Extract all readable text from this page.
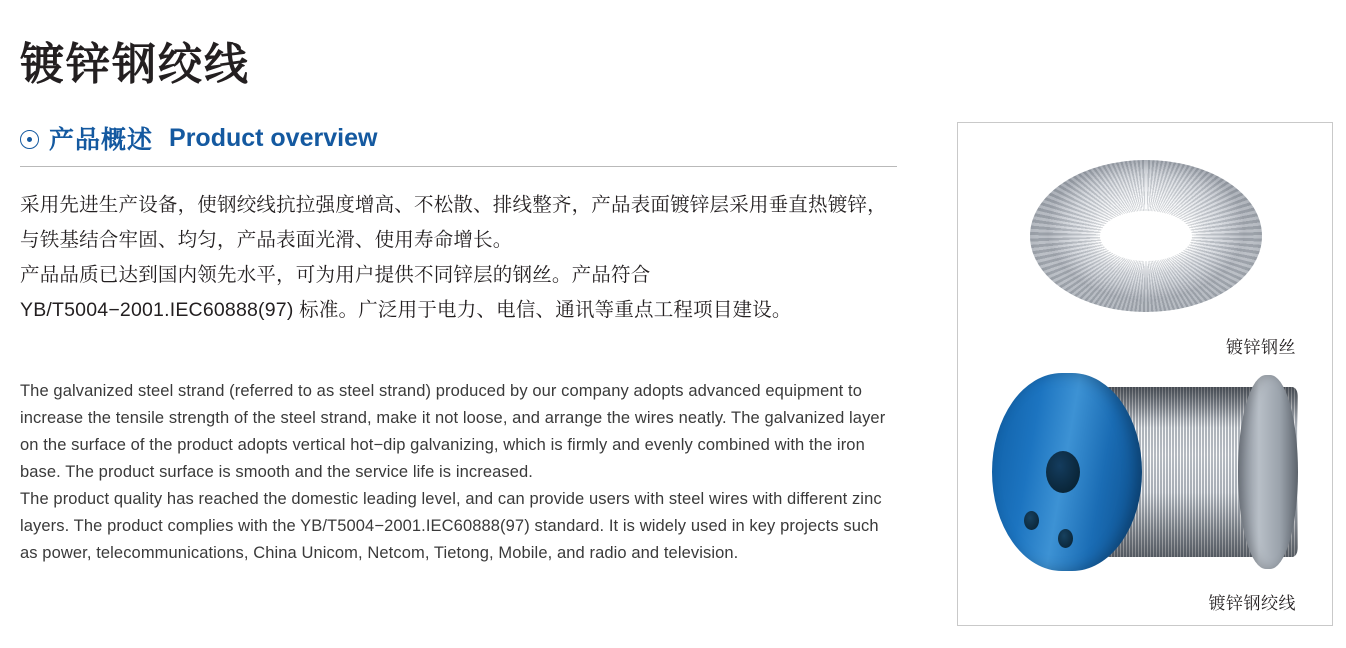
镀锌钢绞线
产品概述 Product overview

采用先进生产设备，使钢绞线抗拉强度增高、不松散、排线整齐，产品表面镀锌层采用垂直热镀锌，与铁基结合牢固、均匀，产品表面光滑、使用寿命增长。

产品品质已达到国内领先水平，可为用户提供不同锌层的钢丝。产品符合 YB/T5004−2001.IEC60888(97) 标准。广泛用于电力、电信、通讯等重点工程项目建设。

The galvanized steel strand (referred to as steel strand) produced by our company adopts advanced equipment to increase the tensile strength of the steel strand, make it not loose, and arrange the wires neatly. The galvanized layer on the surface of the product adopts vertical hot−dip galvanizing, which is firmly and evenly combined with the iron base. The product surface is smooth and the service life is increased.

The product quality has reached the domestic leading level, and can provide users with steel wires with different zinc layers. The product complies with the YB/T5004−2001.IEC60888(97) standard. It is widely used in key projects such as power, telecommunications, China Unicom, Netcom, Tietong, Mobile, and radio and television.

镀锌钢丝
镀锌钢绞线
